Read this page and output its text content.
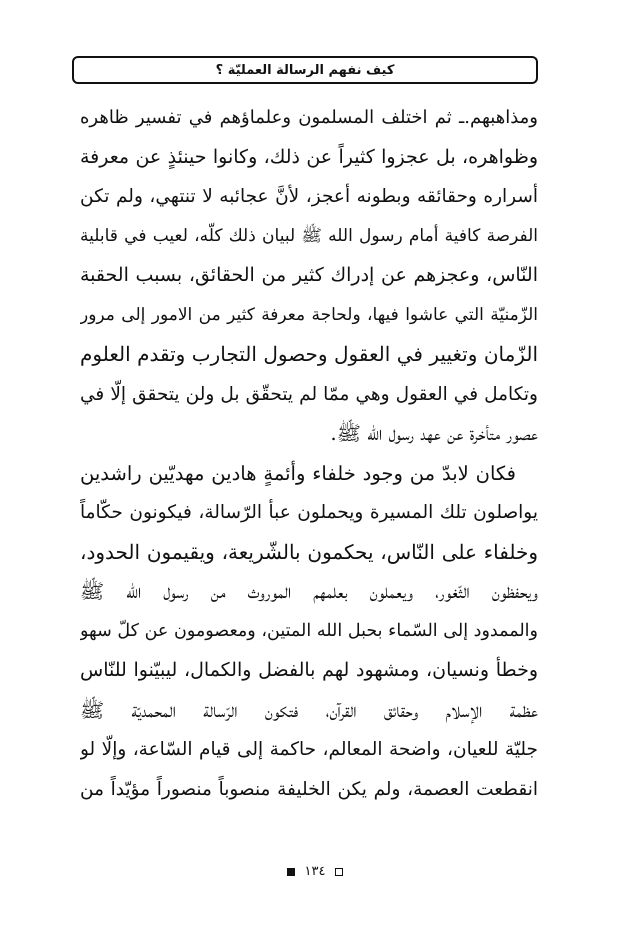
كيف نفهم الرسالة العمليّة ؟
ومذاهبهم.ـ ثم اختلف المسلمون وعلماؤهم في تفسير ظاهره
وظواهره، بل عجزوا كثيراً عن ذلك، وكانوا حينئذٍ عن معرفة
أسراره وحقائقه وبطونه أعجز، لأنَّ عجائبه لا تنتهي، ولم تكن
الفرصة كافية أمام رسول الله ﷺ لبيان ذلك كلّه، لعيب في قابلية
النّاس، وعجزهم عن إدراك كثير من الحقائق، بسبب الحقبة
الزّمنيّة التي عاشوا فيها، ولحاجة معرفة كثير من الامور إلى مرور
الزّمان وتغيير في العقول وحصول التجارب وتقدم العلوم
وتكامل في العقول وهي ممّا لم يتحقّق بل ولن يتحقق إلّا في
عصور متأخرة عن عهد رسول الله ﷺ.
فكان لابدّ من وجود خلفاء وأئمةٍ هادين مهديّين راشدين
يواصلون تلك المسيرة ويحملون عبأ الرّسالة، فيكونون حكّاماً
وخلفاء على النّاس، يحكمون بالشّريعة، ويقيمون الحدود،
ويحفظون الثّغور، ويعملون بعلمهم الموروث من رسول الله ﷺ
والممدود إلى السّماء بحبل الله المتين، ومعصومون عن كلّ سهو
وخطأ ونسيان، ومشهود لهم بالفضل والكمال، ليبيّنوا للنّاس
عظمة الإسلام وحقائق القرآن، فتكون الرّسالة المحمديّة ﷺ
جليّة للعيان، واضحة المعالم، حاكمة إلى قيام السّاعة، وإلّا لو
انقطعت العصمة، ولم يكن الخليفة منصوباً منصوراً مؤيّداً من
١٣٤
